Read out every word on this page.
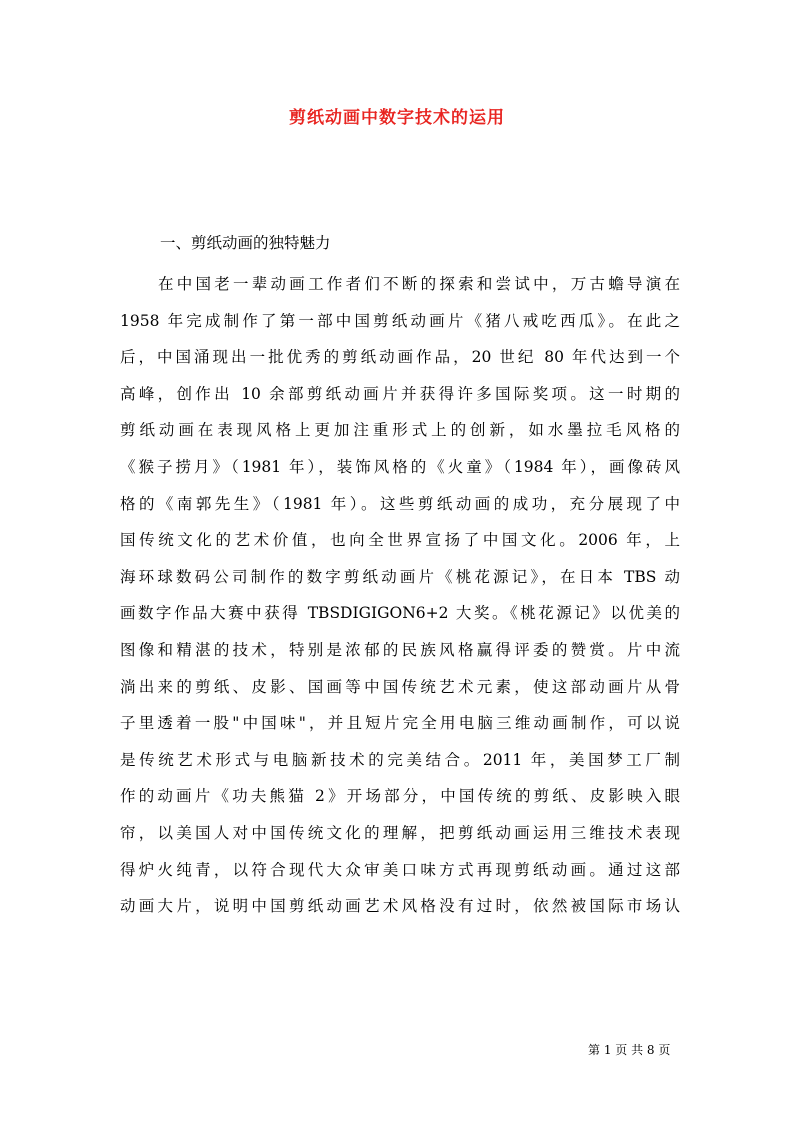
剪纸动画中数字技术的运用
一、剪纸动画的独特魅力
在中国老一辈动画工作者们不断的探索和尝试中，万古蟾导演在
1958 年完成制作了第一部中国剪纸动画片《猪八戒吃西瓜》。在此之
后，中国涌现出一批优秀的剪纸动画作品，20 世纪 80 年代达到一个
高峰，创作出 10 余部剪纸动画片并获得许多国际奖项。这一时期的
剪纸动画在表现风格上更加注重形式上的创新，如水墨拉毛风格的
《猴子捞月》（1981 年），装饰风格的《火童》（1984 年），画像砖风
格的《南郭先生》（1981 年）。这些剪纸动画的成功，充分展现了中
国传统文化的艺术价值，也向全世界宣扬了中国文化。2006 年，上
海环球数码公司制作的数字剪纸动画片《桃花源记》，在日本 TBS 动
画数字作品大赛中获得 TBSDIGIGON6+2 大奖。《桃花源记》以优美的
图像和精湛的技术，特别是浓郁的民族风格赢得评委的赞赏。片中流
淌出来的剪纸、皮影、国画等中国传统艺术元素，使这部动画片从骨
子里透着一股"中国味"，并且短片完全用电脑三维动画制作，可以说
是传统艺术形式与电脑新技术的完美结合。2011 年，美国梦工厂制
作的动画片《功夫熊猫 2》开场部分，中国传统的剪纸、皮影映入眼
帘，以美国人对中国传统文化的理解，把剪纸动画运用三维技术表现
得炉火纯青，以符合现代大众审美口味方式再现剪纸动画。通过这部
动画大片，说明中国剪纸动画艺术风格没有过时，依然被国际市场认
第 1 页 共 8 页
